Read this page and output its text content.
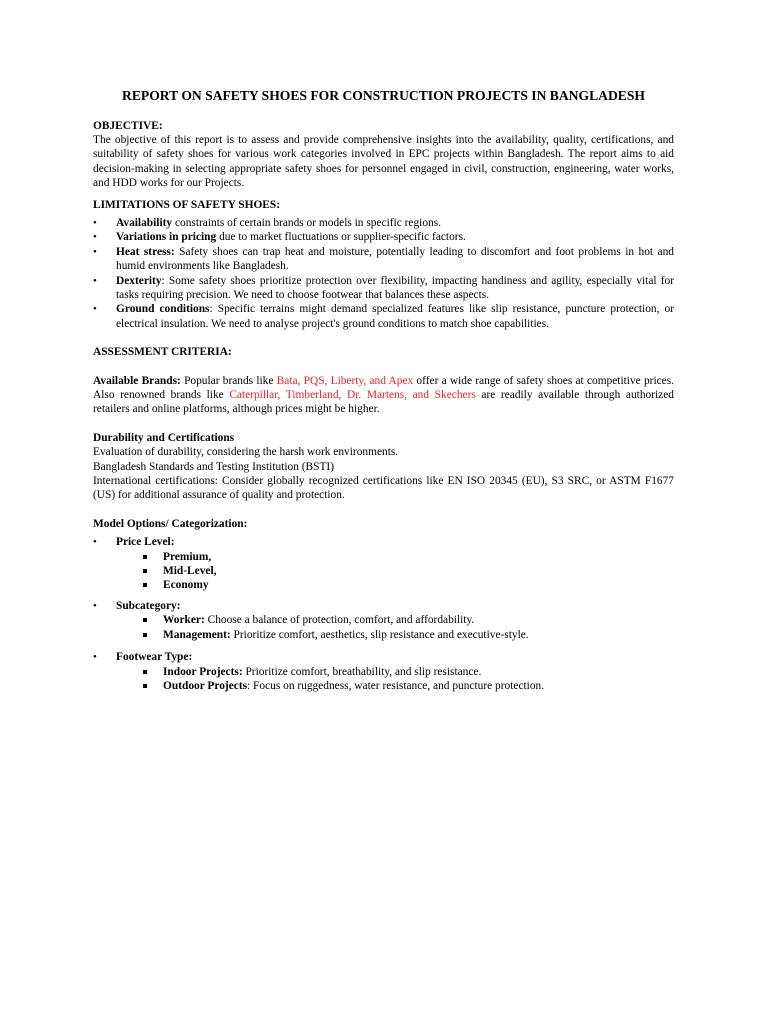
REPORT ON SAFETY SHOES FOR CONSTRUCTION PROJECTS IN BANGLADESH

OBJECTIVE:

The objective of this report is to assess and provide comprehensive insights into the availability, quality, certifications, and suitability of safety shoes for various work categories involved in EPC projects within Bangladesh. The report aims to aid decision-making in selecting appropriate safety shoes for personnel engaged in civil, construction, engineering, water works, and HDD works for our Projects.

LIMITATIONS OF SAFETY SHOES:

• Availability constraints of certain brands or models in specific regions.
• Variations in pricing due to market fluctuations or supplier-specific factors.
• Heat stress: Safety shoes can trap heat and moisture, potentially leading to discomfort and foot problems in hot and humid environments like Bangladesh.
• Dexterity: Some safety shoes prioritize protection over flexibility, impacting handiness and agility, especially vital for tasks requiring precision. We need to choose footwear that balances these aspects.
• Ground conditions: Specific terrains might demand specialized features like slip resistance, puncture protection, or electrical insulation. We need to analyse project's ground conditions to match shoe capabilities.

ASSESSMENT CRITERIA:

Available Brands: Popular brands like Bata, PQS, Liberty, and Apex offer a wide range of safety shoes at competitive prices. Also renowned brands like Caterpillar, Timberland, Dr. Martens, and Skechers are readily available through authorized retailers and online platforms, although prices might be higher.

Durability and Certifications

Evaluation of durability, considering the harsh work environments.

Bangladesh Standards and Testing Institution (BSTI)

International certifications: Consider globally recognized certifications like EN ISO 20345 (EU), S3 SRC, or ASTM F1677 (US) for additional assurance of quality and protection.

Model Options/ Categorization:

• Price Level:
Premium,
Mid-Level,
Economy
• Subcategory:
Worker: Choose a balance of protection, comfort, and affordability.
Management: Prioritize comfort, aesthetics, slip resistance and executive-style.
• Footwear Type:
Indoor Projects: Prioritize comfort, breathability, and slip resistance.
Outdoor Projects: Focus on ruggedness, water resistance, and puncture protection.
